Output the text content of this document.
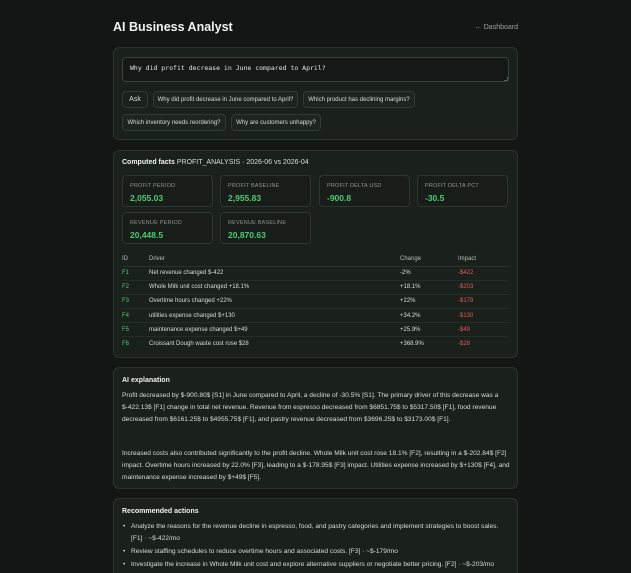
AI Business Analyst	← Dashboard
Why did profit decrease in June compared to April?
Ask	Why did profit decrease in June compared to April?	Which product has declining margins?
Which inventory needs reordering?	Why are customers unhappy?
Computed facts PROFIT_ANALYSIS · 2026-06 vs 2026-04
PROFIT PERIOD
2,055.03
PROFIT BASELINE
2,955.83
PROFIT DELTA USD
-900.8
PROFIT DELTA PCT
-30.5
REVENUE PERIOD
20,448.5
REVENUE BASELINE
20,870.63
ID	Driver	Change	Impact
F1	Net revenue changed $-422	-2%	-$422
F2	Whole Milk unit cost changed +18.1%	+18.1%	-$203
F3	Overtime hours changed +22%	+22%	-$179
F4	utilities expense changed $+130	+34.2%	-$130
F5	maintenance expense changed $+49	+25.9%	-$49
F6	Croissant Dough waste cost rose $28	+368.9%	-$28
AI explanation

Profit decreased by $-900.80$ [S1] in June compared to April, a decline of -30.5% [S1]. The primary driver of this decrease was a $-422.13$ [F1] change in total net revenue. Revenue from espresso decreased from $6851.75$ to $5317.50$ [F1], food revenue decreased from $6161.25$ to $4955.75$ [F1], and pastry revenue decreased from $3696.25$ to $3173.00$ [F1].

Increased costs also contributed significantly to the profit decline. Whole Milk unit cost rose 18.1% [F2], resulting in a $-202.84$ [F2] impact. Overtime hours increased by 22.0% [F3], leading to a $-178.95$ [F3] impact. Utilities expense increased by $+130$ [F4], and maintenance expense increased by $+49$ [F5].

Recommended actions
• Analyze the reasons for the revenue decline in espresso, food, and pastry categories and implement strategies to boost sales. [F1] · ~$-422/mo
• Review staffing schedules to reduce overtime hours and associated costs. [F3] · ~$-179/mo
• Investigate the increase in Whole Milk unit cost and explore alternative suppliers or negotiate better pricing. [F2] · ~$-203/mo
